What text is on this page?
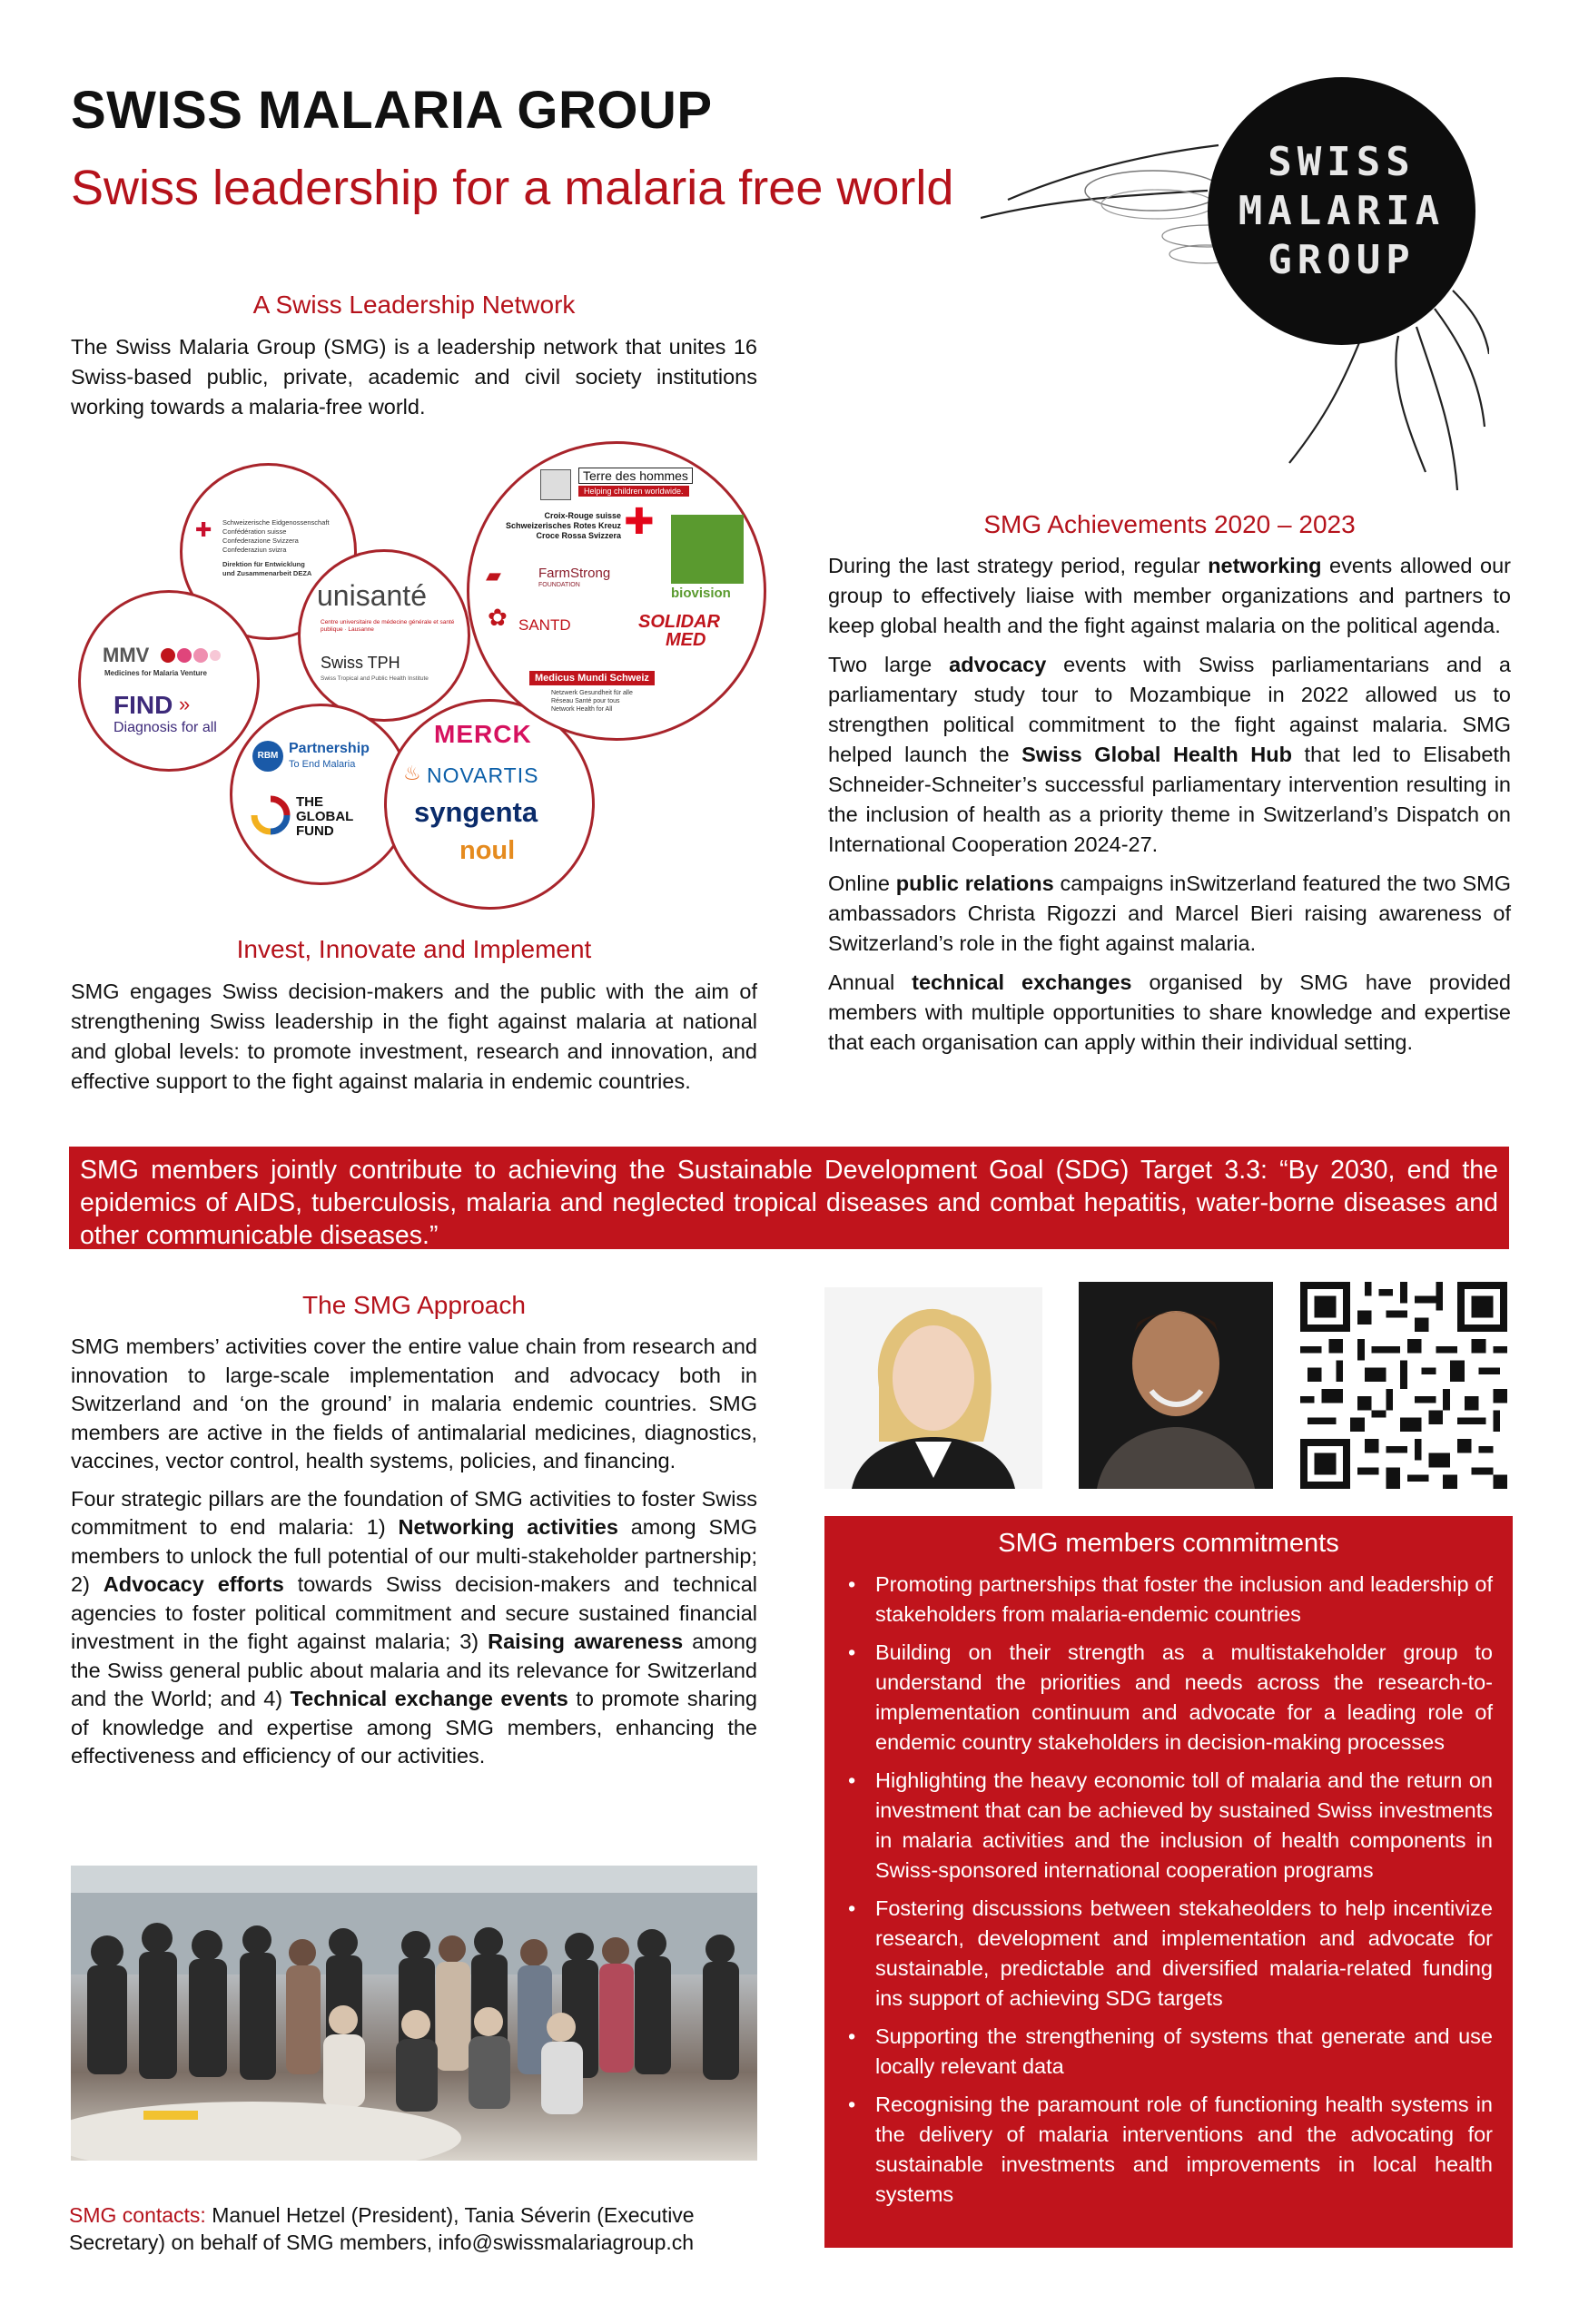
SWISS MALARIA GROUP
Swiss leadership for a malaria free world	SWISS
MALARIA
GROUP
A Swiss Leadership Network
The Swiss Malaria Group (SMG) is a leadership network that unites 16 Swiss-based public, private, academic and civil society institutions working towards a malaria-free world.
✚ Schweizerische Eidgenossenschaft
Confédération suisse
Confederazione Svizzera
Confederaziun svizra
Direktion für Entwicklung
und Zusammenarbeit DEZA
MMV
Medicines for Malaria Venture
FIND »
Diagnosis for all
unisanté
Centre universitaire de médecine générale et santé publique · Lausanne
Swiss TPH
Swiss Tropical and Public Health Institute
RBM Partnership
To End Malaria
THE
GLOBAL
FUND
MERCK
♨ NOVARTIS
syngenta
noul
Terre des hommes
Helping children worldwide.
Croix-Rouge suisse
Schweizerisches Rotes Kreuz
Croce Rossa Svizzera ✚
biovision
▰	FarmStrong
FOUNDATION
✿ SANTD	SOLIDAR
MED
Medicus Mundi Schweiz
Netzwerk Gesundheit für alle
Réseau Santé pour tous
Network Health for All
Invest, Innovate and Implement
SMG engages Swiss decision-makers and the public with the aim of strengthening Swiss leadership in the fight against malaria at national and global levels: to promote investment, research and innovation, and effective support to the fight against malaria in endemic countries.
SMG Achievements 2020 – 2023

During the last strategy period, regular networking events allowed our group to effectively liaise with member organizations and partners to keep global health and the fight against malaria on the political agenda.

Two large advocacy events with Swiss parliamentarians and a parliamentary study tour to Mozambique in 2022 allowed us to strengthen political commitment to the fight against malaria. SMG helped launch the Swiss Global Health Hub that led to Elisabeth Schneider-Schneiter’s successful parliamentary intervention resulting in the inclusion of health as a priority theme in Switzerland’s Dispatch on International Cooperation 2024-27.

Online public relations campaigns inSwitzerland featured the two SMG ambassadors Christa Rigozzi and Marcel Bieri raising awareness of Switzerland’s role in the fight against malaria.

Annual technical exchanges organised by SMG have provided members with multiple opportunities to share knowledge and expertise that each organisation can apply within their individual setting.

SMG members jointly contribute to achieving the Sustainable Development Goal (SDG) Target 3.3: “By 2030, end the epidemics of AIDS, tuberculosis, malaria and neglected tropical diseases and combat hepatitis, water-borne diseases and other communicable diseases.”
The SMG Approach

SMG members’ activities cover the entire value chain from research and innovation to large-scale implementation and advocacy both in Switzerland and ‘on the ground’ in malaria endemic countries. SMG members are active in the fields of antimalarial medicines, diagnostics, vaccines, vector control, health systems, policies, and financing.

Four strategic pillars are the foundation of SMG activities to foster Swiss commitment to end malaria: 1) Networking activities among SMG members to unlock the full potential of our multi-stakeholder partnership; 2) Advocacy efforts towards Swiss decision-makers and technical agencies to foster political commitment and secure sustained financial investment in the fight against malaria; 3) Raising awareness among the Swiss general public about malaria and its relevance for Switzerland and the World; and 4) Technical exchange events to promote sharing of knowledge and expertise among SMG members, enhancing the effectiveness and efficiency of our activities.

SMG contacts: Manuel Hetzel (President), Tania Séverin (Executive Secretary) on behalf of SMG members, info@swissmalariagroup.ch
SMG members commitments
• Promoting partnerships that foster the inclusion and leadership of stakeholders from malaria-endemic countries
• Building on their strength as a multistakeholder group to understand the priorities and needs across the research-to-implementation continuum and advocate for a leading role of endemic country stakeholders in decision-making processes
• Highlighting the heavy economic toll of malaria and the return on investment that can be achieved by sustained Swiss investments in malaria activities and the inclusion of health components in Swiss-sponsored international cooperation programs
• Fostering discussions between stekaheolders to help incentivize research, development and implementation and advocate for sustainable, predictable and diversified malaria-related funding ins support of achieving SDG targets
• Supporting the strengthening of systems that generate and use locally relevant data
• Recognising the paramount role of functioning health systems in the delivery of malaria interventions and the advocating for sustainable investments and improvements in local health systems
